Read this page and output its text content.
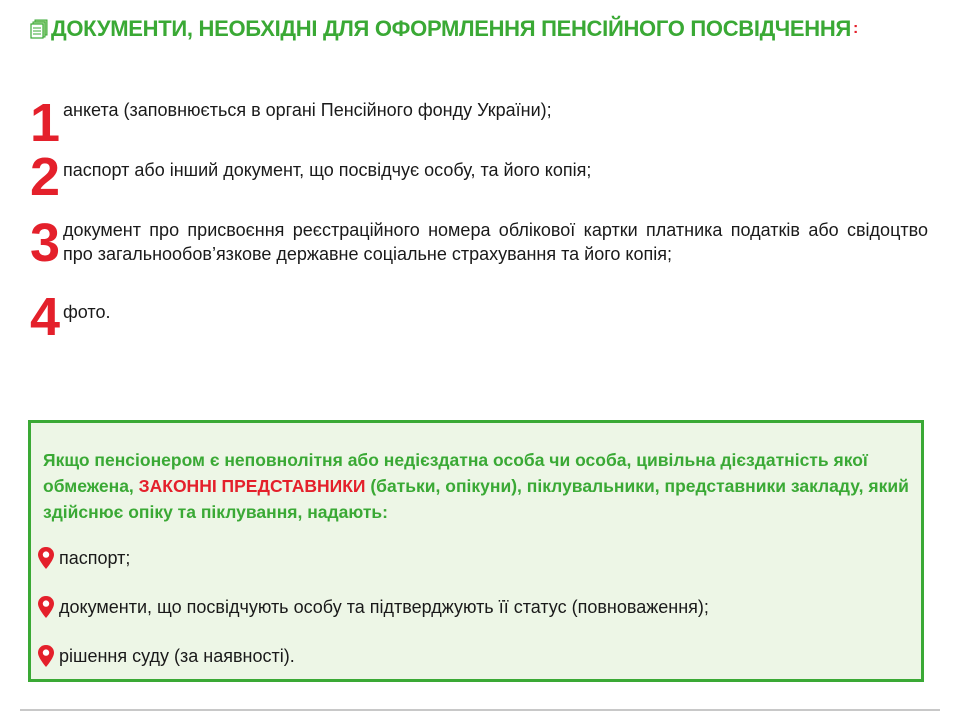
ДОКУМЕНТИ, НЕОБХІДНІ ДЛЯ ОФОРМЛЕННЯ ПЕНСІЙНОГО ПОСВІДЧЕННЯ :
1 анкета (заповнюється в органі Пенсійного фонду України);
2 паспорт або інший документ, що посвідчує особу, та його копія;
3 документ про присвоєння реєстраційного номера облікової картки платника податків або свідоцтво про загальнообов’язкове державне соціальне страхування та його копія;
4 фото.
Якщо пенсіонером є неповнолітня або недієздатна особа чи особа, цивільна дієздатність якої обмежена, ЗАКОННІ ПРЕДСТАВНИКИ (батьки, опікуни), піклувальники, представники закладу, який здійснює опіку та піклування, надають:
паспорт;
документи, що посвідчують особу та підтверджують її статус (повноваження);
рішення суду (за наявності).
